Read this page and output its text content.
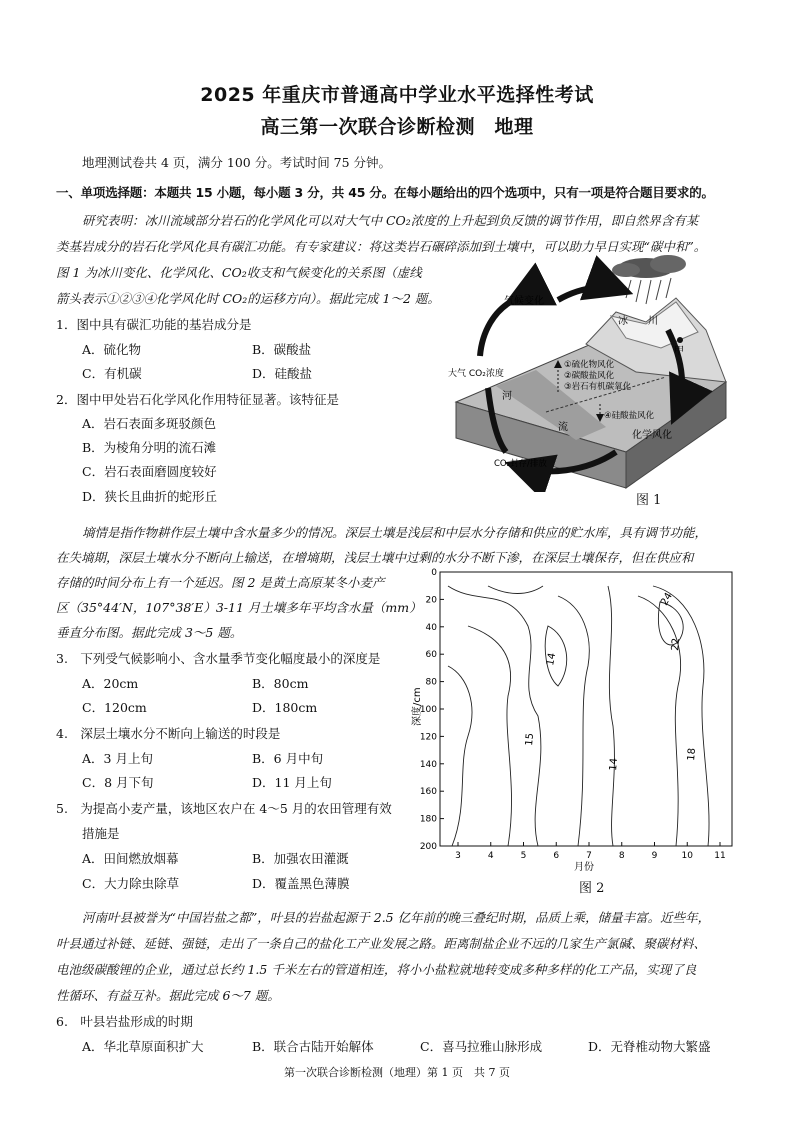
2025 年重庆市普通高中学业水平选择性考试
高三第一次联合诊断检测　地理
地理测试卷共 4 页，满分 100 分。考试时间 75 分钟。
一、单项选择题：本题共 15 小题，每小题 3 分，共 45 分。在每小题给出的四个选项中，只有一项是符合题目要求的。
研究表明：冰川流域部分岩石的化学风化可以对大气中 CO₂浓度的上升起到负反馈的调节作用，即自然界含有某
类基岩成分的岩石化学风化具有碳汇功能。有专家建议：将这类岩石碾碎添加到土壤中，可以助力早日实现“碳中和”。
图 1 为冰川变化、化学风化、CO₂收支和气候变化的关系图（虚线
箭头表示①②③④化学风化时 CO₂的运移方向）。据此完成 1～2 题。
1．图中具有碳汇功能的基岩成分是
A．硫化物	B．碳酸盐
C．有机碳	D．硅酸盐
2．图中甲处岩石化学风化作用特征显著。该特征是
A．岩石表面多斑驳颜色
B．为棱角分明的流石滩
C．岩石表面磨圆度较好
D．狭长且曲折的蛇形丘
气候变化
冰 川
甲
大气 CO₂浓度
①硫化物风化
②碳酸盐风化
③岩石有机碳氧化
④硅酸盐风化
化学风化
河
流
CO₂封存/排放
图 1
墒情是指作物耕作层土壤中含水量多少的情况。深层土壤是浅层和中层水分存储和供应的贮水库，具有调节功能，
在失墒期，深层土壤水分不断向上输送，在增墒期，浅层土壤中过剩的水分不断下渗，在深层土壤保存，但在供应和
存储的时间分布上有一个延迟。图 2 是黄土高原某冬小麦产
区（35°44′N，107°38′E）3-11 月土壤多年平均含水量（mm）
垂直分布图。据此完成 3～5 题。
3.　下列受气候影响小、含水量季节变化幅度最小的深度是
A．20cm	B．80cm
C．120cm	D．180cm
4.　深层土壤水分不断向上输送的时段是
A．3 月上旬	B．6 月中旬
C．8 月下旬	D．11 月上旬
5.　为提高小麦产量，该地区农户在 4～5 月的农田管理有效
措施是
A．田间燃放烟幕	B．加强农田灌溉
C．大力除虫除草	D．覆盖黑色薄膜
14
15
14
18
22
24
深度/cm
月份
0
20
40
60
80
100
120
140
160
180
200
3	4	5	6	7	8	9	10 11
图 2
河南叶县被誉为“中国岩盐之都”，叶县的岩盐起源于 2.5 亿年前的晚三叠纪时期，品质上乘，储量丰富。近些年，
叶县通过补链、延链、强链，走出了一条自己的盐化工产业发展之路。距离制盐企业不远的几家生产氯碱、聚碳材料、
电池级碳酸锂的企业，通过总长约 1.5 千米左右的管道相连，将小小盐粒就地转变成多种多样的化工产品，实现了良
性循环、有益互补。据此完成 6～7 题。
6.　叶县岩盐形成的时期
A．华北草原面积扩大	B．联合古陆开始解体	C．喜马拉雅山脉形成	D．无脊椎动物大繁盛
第一次联合诊断检测（地理）第 1 页　共 7 页
